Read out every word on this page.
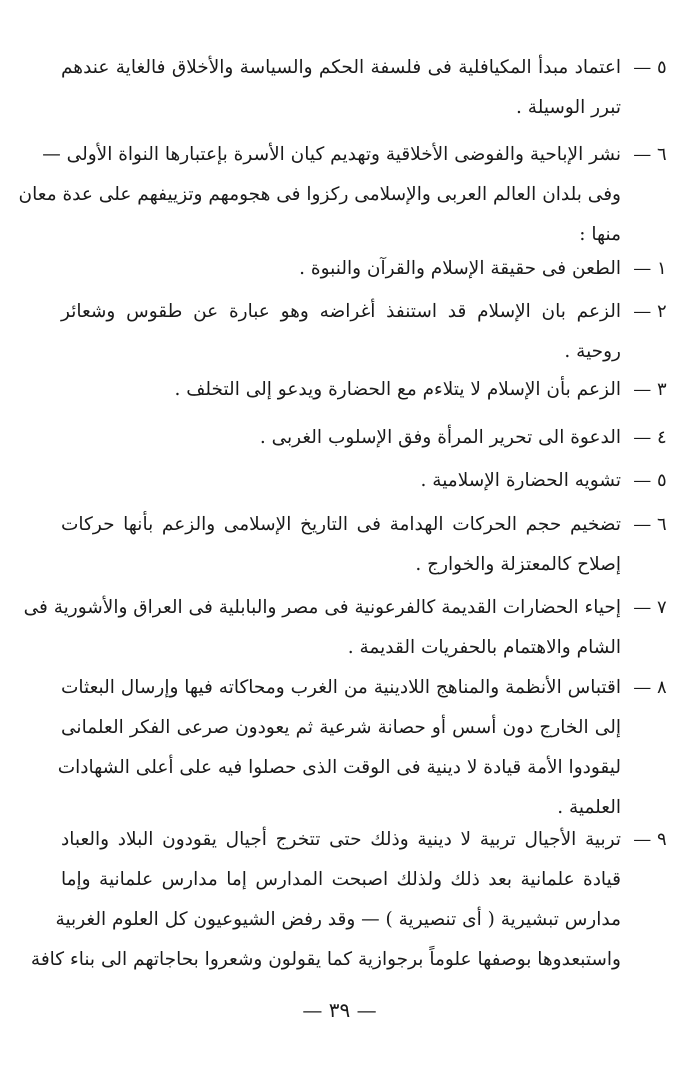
٥ —
اعتماد مبدأ المكيافلية فى فلسفة الحكم والسياسة والأخلاق فالغاية عندهم
تبرر الوسيلة .
٦ —
نشر الإباحية والفوضى الأخلاقية وتهديم كيان الأسرة بإعتبارها النواة الأولى —
وفى بلدان العالم العربى والإسلامى ركزوا فى هجومهم وتزييفهم على عدة معان
منها :
١ —
الطعن فى حقيقة الإسلام والقرآن والنبوة .
٢ —
الزعم بان الإسلام قد استنفذ أغراضه وهو عبارة عن طقوس وشعائر
روحية .
٣ —
الزعم بأن الإسلام لا يتلاءم مع الحضارة ويدعو إلى التخلف .
٤ —
الدعوة الى تحرير المرأة وفق الإسلوب الغربى .
٥ —
تشويه الحضارة الإسلامية .
٦ —
تضخيم حجم الحركات الهدامة فى التاريخ الإسلامى والزعم بأنها حركات
إصلاح كالمعتزلة والخوارج .
٧ —
إحياء الحضارات القديمة كالفرعونية فى مصر والبابلية فى العراق والأشورية فى
الشام والاهتمام بالحفريات القديمة .
٨ —
اقتباس الأنظمة والمناهج اللادينية من الغرب ومحاكاته فيها وإرسال البعثات
إلى الخارج دون أسس أو حصانة شرعية ثم يعودون صرعى الفكر العلمانى
ليقودوا الأمة قيادة لا دينية فى الوقت الذى حصلوا فيه على أعلى الشهادات
العلمية .
٩ —
تربية الأجيال تربية لا دينية وذلك حتى تتخرج أجيال يقودون البلاد والعباد
قيادة علمانية بعد ذلك ولذلك اصبحت المدارس إما مدارس علمانية وإما
مدارس تبشيرية ( أى تنصيرية ) — وقد رفض الشيوعيون كل العلوم الغربية
واستبعدوها بوصفها علوماً برجوازية كما يقولون وشعروا بحاجاتهم الى بناء كافة
— ٣٩ —
